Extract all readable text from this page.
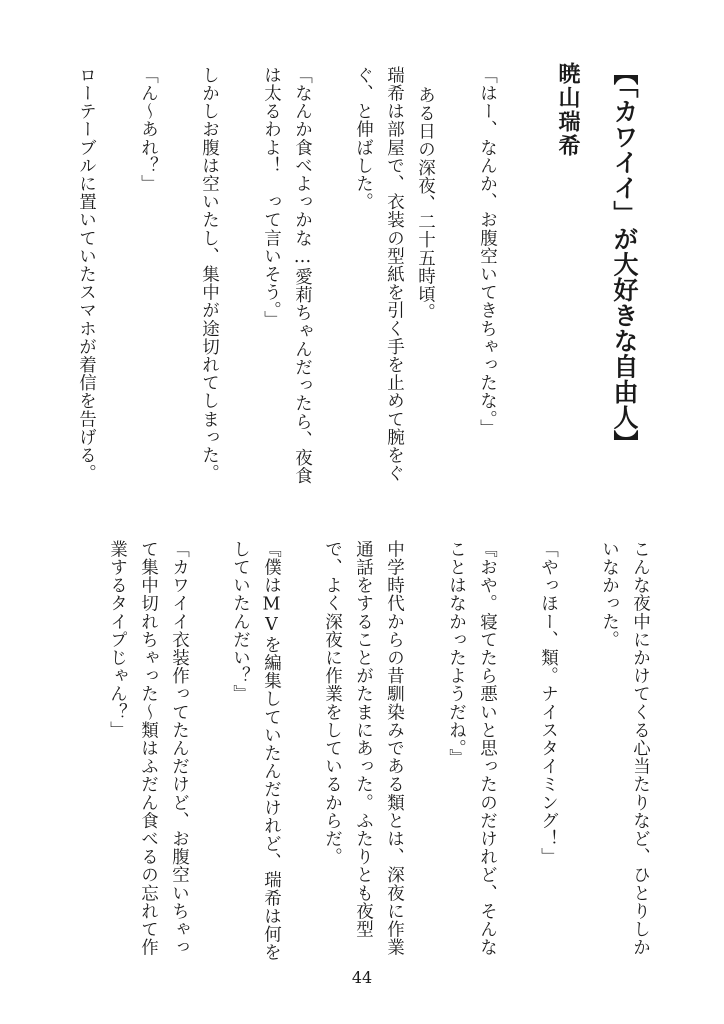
【「カワイイ」が大好きな自由人】
暁山瑞希
「はー、なんか、お腹空いてきちゃったな。」
ある日の深夜、二十五時頃。
瑞希は部屋で、衣装の型紙を引く手を止めて腕をぐ
ぐ、と伸ばした。
「なんか食べよっかな…愛莉ちゃんだったら、夜食
は太るわよ！　って言いそう。」
しかしお腹は空いたし、集中が途切れてしまった。
「ん〜あれ？」
ローテーブルに置いていたスマホが着信を告げる。
こんな夜中にかけてくる心当たりなど、ひとりしか
いなかった。
「やっほー、類。ナイスタイミング！」
『おや。寝てたら悪いと思ったのだけれど、そんな
ことはなかったようだね。』
中学時代からの昔馴染みである類とは、深夜に作業
通話をすることがたまにあった。ふたりとも夜型
で、よく深夜に作業をしているからだ。
『僕はMVを編集していたんだけれど、瑞希は何を
していたんだい？』
「カワイイ衣装作ってたんだけど、お腹空いちゃっ
て集中切れちゃった〜類はふだん食べるの忘れて作
業するタイプじゃん？」
44
